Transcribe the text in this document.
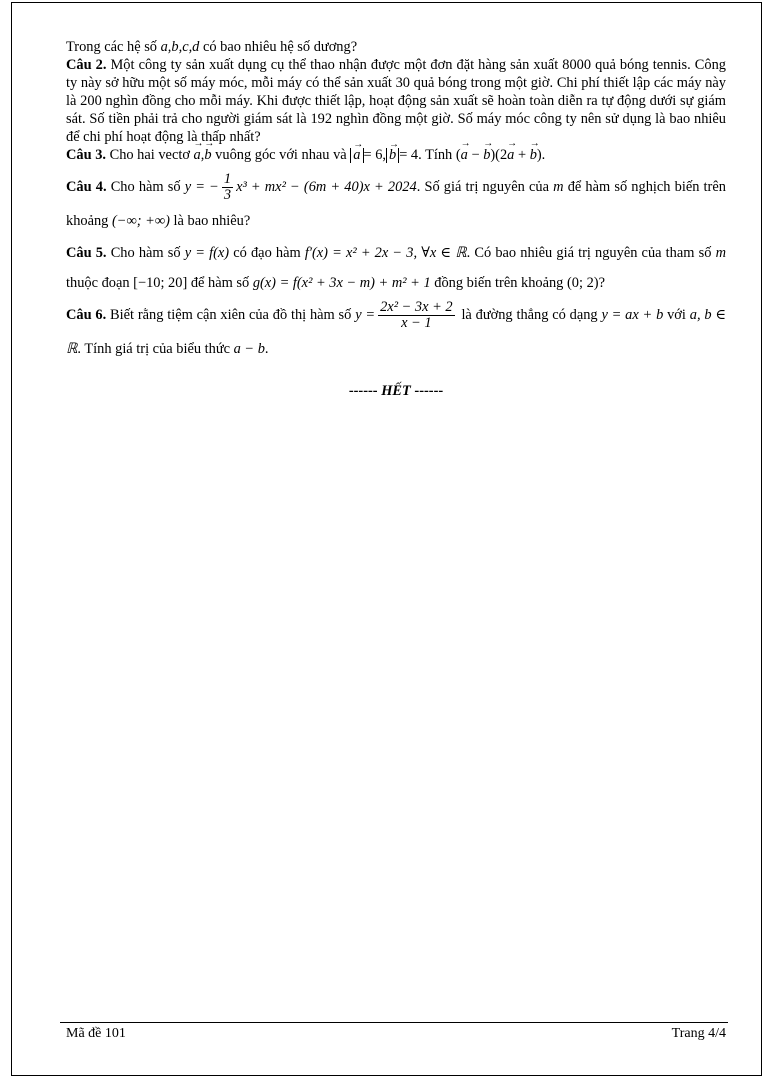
Trong các hệ số a,b,c,d có bao nhiêu hệ số dương?

Câu 2. Một công ty sản xuất dụng cụ thể thao nhận được một đơn đặt hàng sản xuất 8000 quả bóng tennis. Công ty này sở hữu một số máy móc, mỗi máy có thể sản xuất 30 quả bóng trong một giờ. Chi phí thiết lập các máy này là 200 nghìn đồng cho mỗi máy. Khi được thiết lập, hoạt động sản xuất sẽ hoàn toàn diễn ra tự động dưới sự giám sát. Số tiền phải trả cho người giám sát là 192 nghìn đồng một giờ. Số máy móc công ty nên sử dụng là bao nhiêu để chi phí hoạt động là thấp nhất?

Câu 3. Cho hai vectơ → a,→ b vuông góc với nhau và → a = 6, → b = 4. Tính (→ a − → b)(2→ a + → b).

Câu 4. Cho hàm số y = − $\frac{1}{3} x^3 + mx^2 - (6m + 40)x + 2024$. Số giá trị nguyên của m để hàm số nghịch biến trên khoảng (−∞; +∞) là bao nhiêu?

Câu 5. Cho hàm số y = f(x) có đạo hàm f′(x) = x² + 2x − 3, ∀x ∈ ℝ. Có bao nhiêu giá trị nguyên của tham số m thuộc đoạn [−10; 20] để hàm số g(x) = f(x² + 3x − m) + m² + 1 đồng biến trên khoảng (0; 2)?

Câu 6. Biết rằng tiệm cận xiên của đồ thị hàm số $y = \frac{\text{2x² − 3x + 2}}{x - 1}$ là đường thẳng có dạng y = ax + b với a, b ∈ ℝ. Tính giá trị của biểu thức a − b.

------ HẾT ------

Mã đề 101	Trang 4/4
